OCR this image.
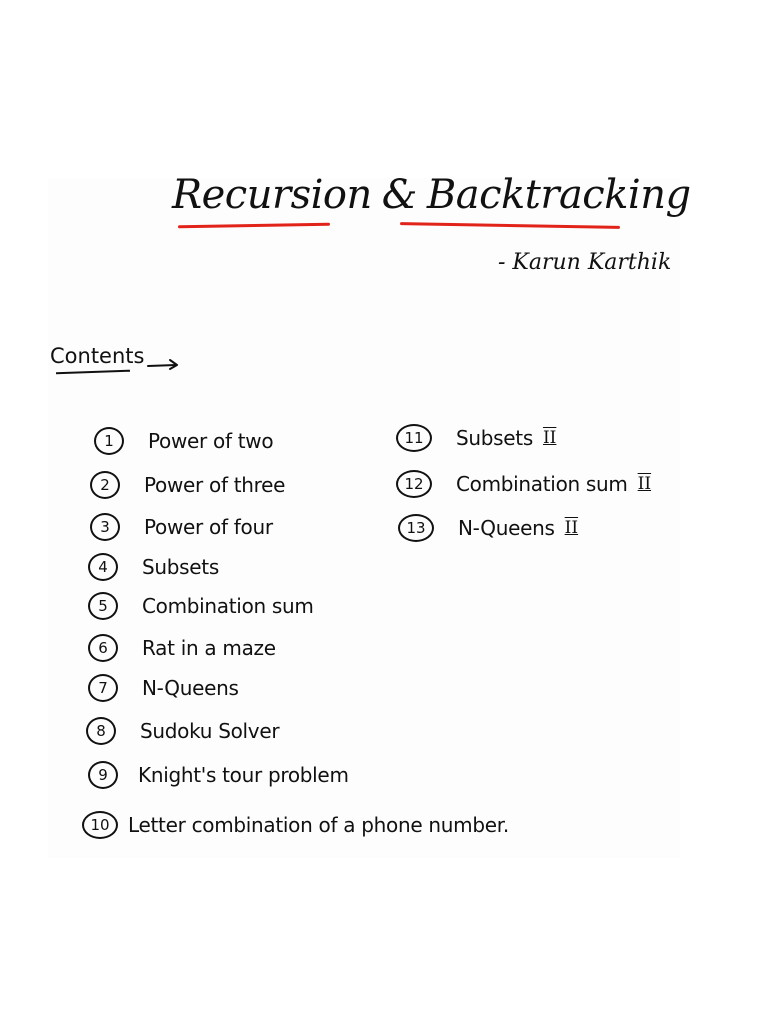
Recursion & Backtracking
- Karun Karthik
Contents
1	Power of two
2	Power of three
3	Power of four
4	Subsets
5	Combination sum
6	Rat in a maze
7	N-Queens
8	Sudoku Solver
9	Knight's tour problem
10 Letter combination of a phone number.
11	Subsets II
12	Combination sum II
13	N-Queens II
